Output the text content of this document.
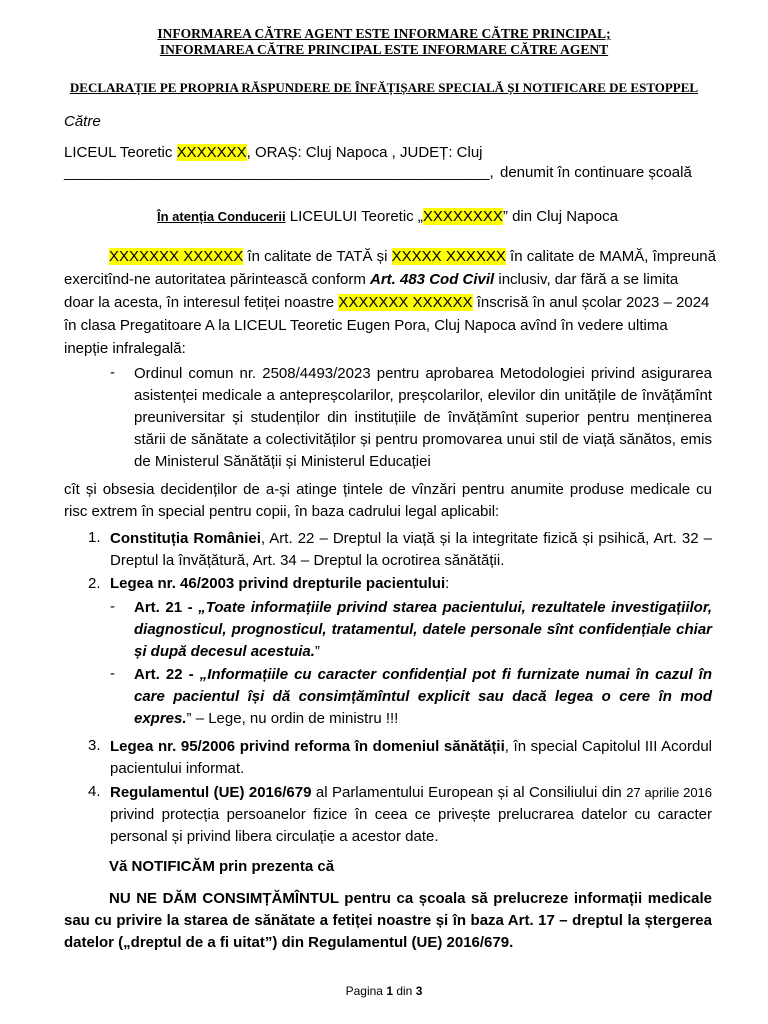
INFORMAREA CĂTRE AGENT ESTE INFORMARE CĂTRE PRINCIPAL;
INFORMAREA CĂTRE PRINCIPAL ESTE INFORMARE CĂTRE AGENT
DECLARAȚIE PE PROPRIA RĂSPUNDERE DE ÎNFĂȚIȘARE SPECIALĂ ȘI NOTIFICARE DE ESTOPPEL
Către
LICEUL Teoretic XXXXXXX, ORAȘ: Cluj Napoca , JUDEȚ: Cluj
___________________________________________________, denumit în continuare școală
În atenția Conducerii LICEULUI Teoretic „XXXXXXXX” din Cluj Napoca
XXXXXXX XXXXXX în calitate de TATĂ și XXXXX XXXXXX în calitate de MAMĂ, împreună
exercitînd-ne autoritatea părintească conform Art. 483 Cod Civil inclusiv, dar fără a se limita
doar la acesta, în interesul fetiței noastre XXXXXXX XXXXXX înscrisă în anul școlar 2023 – 2024
în clasa Pregatitoare A la LICEUL Teoretic Eugen Pora, Cluj Napoca avînd în vedere ultima
inepție infralegală:
- Ordinul comun nr. 2508/4493/2023 pentru aprobarea Metodologiei privind asigurarea asistenței medicale a antepreșcolarilor, preșcolarilor, elevilor din unitățile de învățămînt preuniversitar și studenților din instituțiile de învățămînt superior pentru menținerea stării de sănătate a colectivităților și pentru promovarea unui stil de viață sănătos, emis de Ministerul Sănătății și Ministerul Educației
cît și obsesia decidenților de a-și atinge țintele de vînzări pentru anumite produse medicale cu risc extrem în special pentru copii, în baza cadrului legal aplicabil:
1. Constituția României, Art. 22 – Dreptul la viață și la integritate fizică și psihică, Art. 32 – Dreptul la învățătură, Art. 34 – Dreptul la ocrotirea sănătății.
2. Legea nr. 46/2003 privind drepturile pacientului:
- Art. 21 - „Toate informațiile privind starea pacientului, rezultatele investigațiilor, diagnosticul, prognosticul, tratamentul, datele personale sînt confidențiale chiar și după decesul acestuia.”
- Art. 22 - „Informațiile cu caracter confidențial pot fi furnizate numai în cazul în care pacientul își dă consimțămîntul explicit sau dacă legea o cere în mod expres.” – Lege, nu ordin de ministru !!!
3. Legea nr. 95/2006 privind reforma în domeniul sănătății, în special Capitolul III Acordul pacientului informat.
4. Regulamentul (UE) 2016/679 al Parlamentului European și al Consiliului din 27 aprilie 2016 privind protecția persoanelor fizice în ceea ce privește prelucrarea datelor cu caracter personal și privind libera circulație a acestor date.
Vă NOTIFICĂM prin prezenta că
NU NE DĂM CONSIMȚĂMÎNTUL pentru ca școala să prelucreze informații medicale sau cu privire la starea de sănătate a fetiței noastre și în baza Art. 17 – dreptul la ștergerea datelor („dreptul de a fi uitat”) din Regulamentul (UE) 2016/679.
Pagina 1 din 3
